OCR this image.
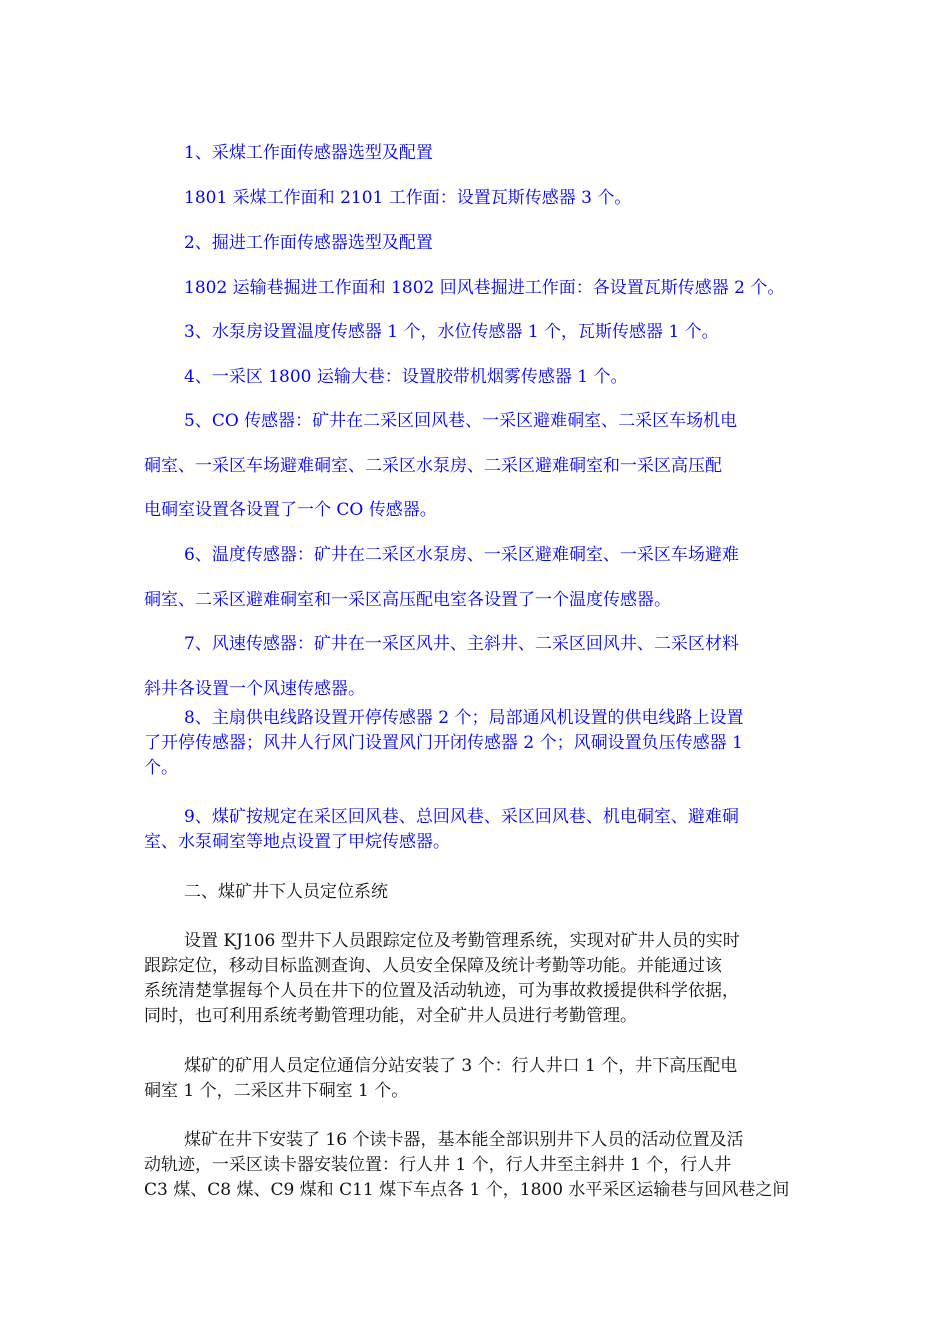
1、采煤工作面传感器选型及配置
1801 采煤工作面和 2101 工作面：设置瓦斯传感器 3 个。
2、掘进工作面传感器选型及配置
1802 运输巷掘进工作面和 1802 回风巷掘进工作面：各设置瓦斯传感器 2 个。
3、水泵房设置温度传感器 1 个，水位传感器 1 个，瓦斯传感器 1 个。
4、一采区 1800 运输大巷：设置胶带机烟雾传感器 1 个。
5、CO 传感器：矿井在二采区回风巷、一采区避难硐室、二采区车场机电
硐室、一采区车场避难硐室、二采区水泵房、二采区避难硐室和一采区高压配
电硐室设置各设置了一个 CO 传感器。
6、温度传感器：矿井在二采区水泵房、一采区避难硐室、一采区车场避难
硐室、二采区避难硐室和一采区高压配电室各设置了一个温度传感器。
7、风速传感器：矿井在一采区风井、主斜井、二采区回风井、二采区材料
斜井各设置一个风速传感器。
8、主扇供电线路设置开停传感器 2 个；局部通风机设置的供电线路上设置
了开停传感器；风井人行风门设置风门开闭传感器 2 个；风硐设置负压传感器 1
个。
9、煤矿按规定在采区回风巷、总回风巷、采区回风巷、机电硐室、避难硐
室、水泵硐室等地点设置了甲烷传感器。
二、煤矿井下人员定位系统
设置 KJ106 型井下人员跟踪定位及考勤管理系统，实现对矿井人员的实时
跟踪定位，移动目标监测查询、人员安全保障及统计考勤等功能。并能通过该
系统清楚掌握每个人员在井下的位置及活动轨迹，可为事故救援提供科学依据，
同时，也可利用系统考勤管理功能，对全矿井人员进行考勤管理。
煤矿的矿用人员定位通信分站安装了 3 个：行人井口 1 个，井下高压配电
硐室 1 个，二采区井下硐室 1 个。
煤矿在井下安装了 16 个读卡器，基本能全部识别井下人员的活动位置及活
动轨迹，一采区读卡器安装位置：行人井 1 个，行人井至主斜井 1 个，行人井
C3 煤、C8 煤、C9 煤和 C11 煤下车点各 1 个，1800 水平采区运输巷与回风巷之间
